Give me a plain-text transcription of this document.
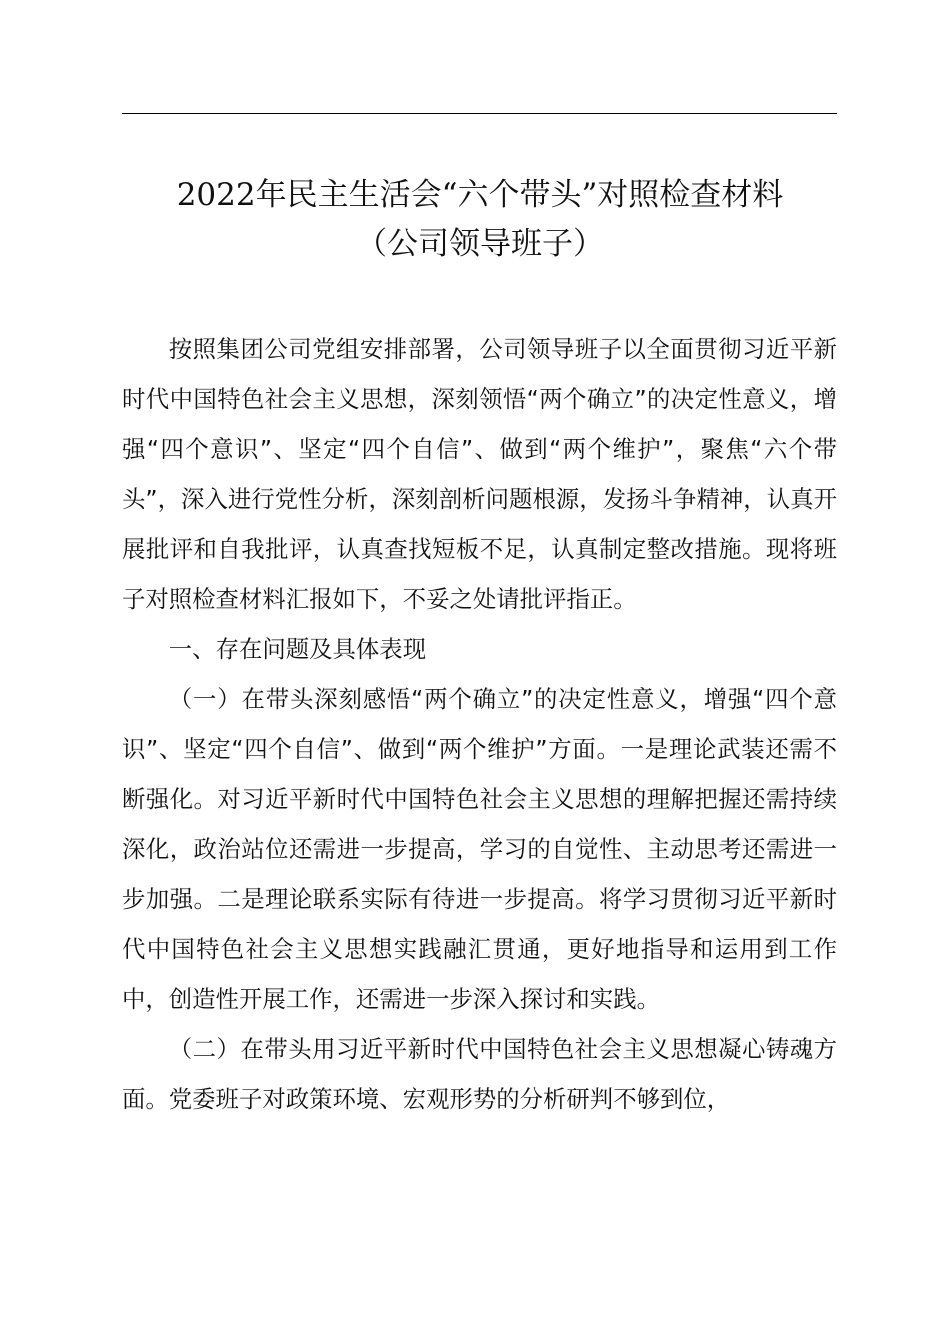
2022年民主生活会“六个带头”对照检查材料
（公司领导班子）

按照集团公司党组安排部署，公司领导班子以全面贯彻习近平新时代中国特色社会主义思想，深刻领悟“两个确立”的决定性意义，增强“四个意识”、坚定“四个自信”、做到“两个维护”，聚焦“六个带头”，深入进行党性分析，深刻剖析问题根源，发扬斗争精神，认真开展批评和自我批评，认真查找短板不足，认真制定整改措施。现将班子对照检查材料汇报如下，不妥之处请批评指正。

一、存在问题及具体表现

（一）在带头深刻感悟“两个确立”的决定性意义，增强“四个意识”、坚定“四个自信”、做到“两个维护”方面。一是理论武装还需不断强化。对习近平新时代中国特色社会主义思想的理解把握还需持续深化，政治站位还需进一步提高，学习的自觉性、主动思考还需进一步加强。二是理论联系实际有待进一步提高。将学习贯彻习近平新时代中国特色社会主义思想实践融汇贯通，更好地指导和运用到工作中，创造性开展工作，还需进一步深入探讨和实践。

（二）在带头用习近平新时代中国特色社会主义思想凝心铸魂方面。党委班子对政策环境、宏观形势的分析研判不够到位，
